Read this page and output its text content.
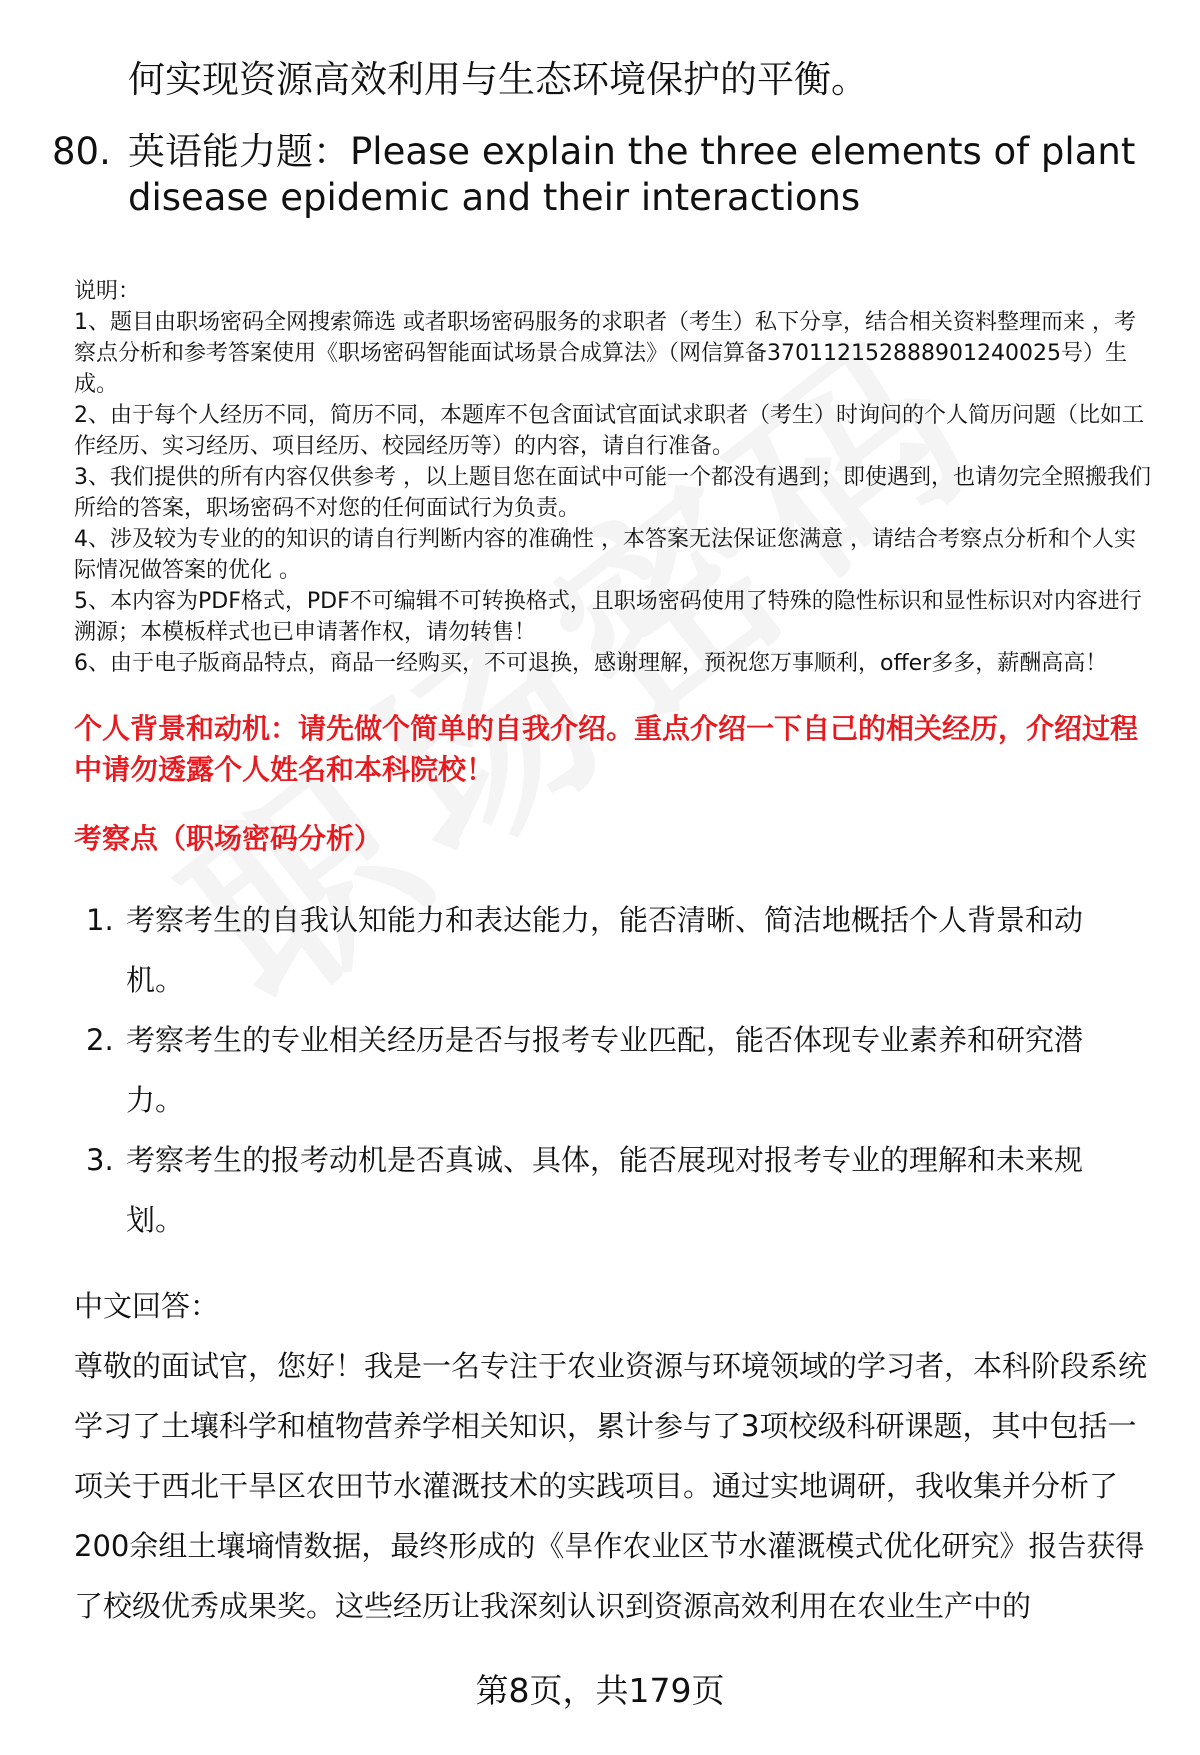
何实现资源高效利用与生态环境保护的平衡。
80. 英语能力题：Please explain the three elements of plant
disease epidemic and their interactions
说明：
1、题目由职场密码全网搜索筛选 或者职场密码服务的求职者（考生）私下分享，结合相关资料整理而来 ，考察点分析和参考答案使用《职场密码智能面试场景合成算法》（网信算备370112152888901240025号）生成。
2、由于每个人经历不同，简历不同，本题库不包含面试官面试求职者（考生）时询问的个人简历问题（比如工作经历、实习经历、项目经历、校园经历等）的内容，请自行准备。
3、我们提供的所有内容仅供参考 ，以上题目您在面试中可能一个都没有遇到；即使遇到，也请勿完全照搬我们所给的答案，职场密码不对您的任何面试行为负责。
4、涉及较为专业的的知识的请自行判断内容的准确性 ，本答案无法保证您满意 ，请结合考察点分析和个人实际情况做答案的优化 。
5、本内容为PDF格式，PDF不可编辑不可转换格式，且职场密码使用了特殊的隐性标识和显性标识对内容进行溯源；本模板样式也已申请著作权，请勿转售！
6、由于电子版商品特点，商品一经购买，不可退换，感谢理解，预祝您万事顺利，offer多多，薪酬高高！
个人背景和动机：请先做个简单的自我介绍。重点介绍一下自己的相关经历，介绍过程中请勿透露个人姓名和本科院校！
考察点（职场密码分析）
1. 考察考生的自我认知能力和表达能力，能否清晰、简洁地概括个人背景和动
机。
2. 考察考生的专业相关经历是否与报考专业匹配，能否体现专业素养和研究潜
力。
3. 考察考生的报考动机是否真诚、具体，能否展现对报考专业的理解和未来规
划。
中文回答：
尊敬的面试官，您好！我是一名专注于农业资源与环境领域的学习者，本科阶段系统学习了土壤科学和植物营养学相关知识，累计参与了3项校级科研课题，其中包括一项关于西北干旱区农田节水灌溉技术的实践项目。通过实地调研，我收集并分析了200余组土壤墒情数据，最终形成的《旱作农业区节水灌溉模式优化研究》报告获得了校级优秀成果奖。这些经历让我深刻认识到资源高效利用在农业生产中的
第8页，共179页
